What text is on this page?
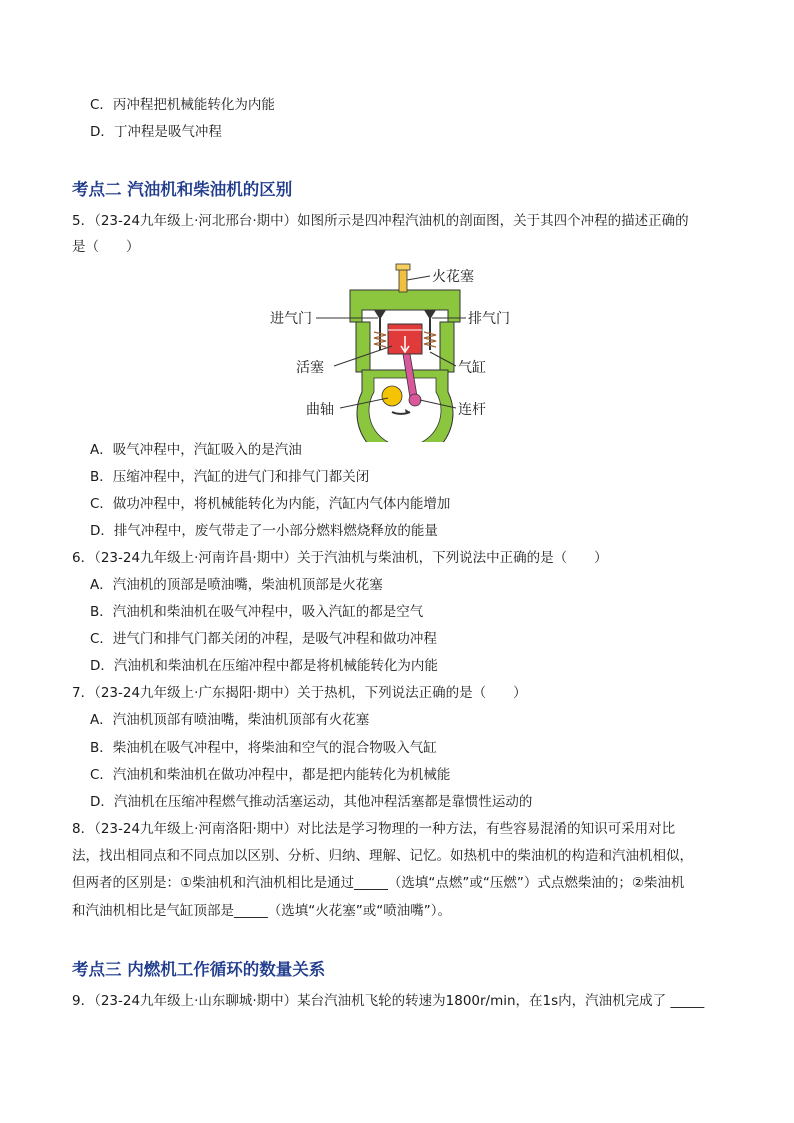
C．丙冲程把机械能转化为内能
D．丁冲程是吸气冲程
考点二 汽油机和柴油机的区别
5．（23-24九年级上·河北邢台·期中）如图所示是四冲程汽油机的剖面图，关于其四个冲程的描述正确的
是（　　）
火花塞
进气门	排气门
活塞	气缸
曲轴	连杆
A．吸气冲程中，汽缸吸入的是汽油
B．压缩冲程中，汽缸的进气门和排气门都关闭
C．做功冲程中，将机械能转化为内能，汽缸内气体内能增加
D．排气冲程中，废气带走了一小部分燃料燃烧释放的能量
6．（23-24九年级上·河南许昌·期中）关于汽油机与柴油机，下列说法中正确的是（　　）
A．汽油机的顶部是喷油嘴，柴油机顶部是火花塞
B．汽油机和柴油机在吸气冲程中，吸入汽缸的都是空气
C．进气门和排气门都关闭的冲程，是吸气冲程和做功冲程
D．汽油机和柴油机在压缩冲程中都是将机械能转化为内能
7．（23-24九年级上·广东揭阳·期中）关于热机，下列说法正确的是（　　）
A．汽油机顶部有喷油嘴，柴油机顶部有火花塞
B．柴油机在吸气冲程中，将柴油和空气的混合物吸入气缸
C．汽油机和柴油机在做功冲程中，都是把内能转化为机械能
D．汽油机在压缩冲程燃气推动活塞运动，其他冲程活塞都是靠惯性运动的
8．（23-24九年级上·河南洛阳·期中）对比法是学习物理的一种方法，有些容易混淆的知识可采用对比
法，找出相同点和不同点加以区别、分析、归纳、理解、记忆。如热机中的柴油机的构造和汽油机相似，
但两者的区别是：①柴油机和汽油机相比是通过_____（选填“点燃”或“压燃”）式点燃柴油的；②柴油机
和汽油机相比是气缸顶部是_____（选填“火花塞”或“喷油嘴”）。
考点三 内燃机工作循环的数量关系
9．（23-24九年级上·山东聊城·期中）某台汽油机飞轮的转速为1800r/min，在1s内，汽油机完成了 _____
